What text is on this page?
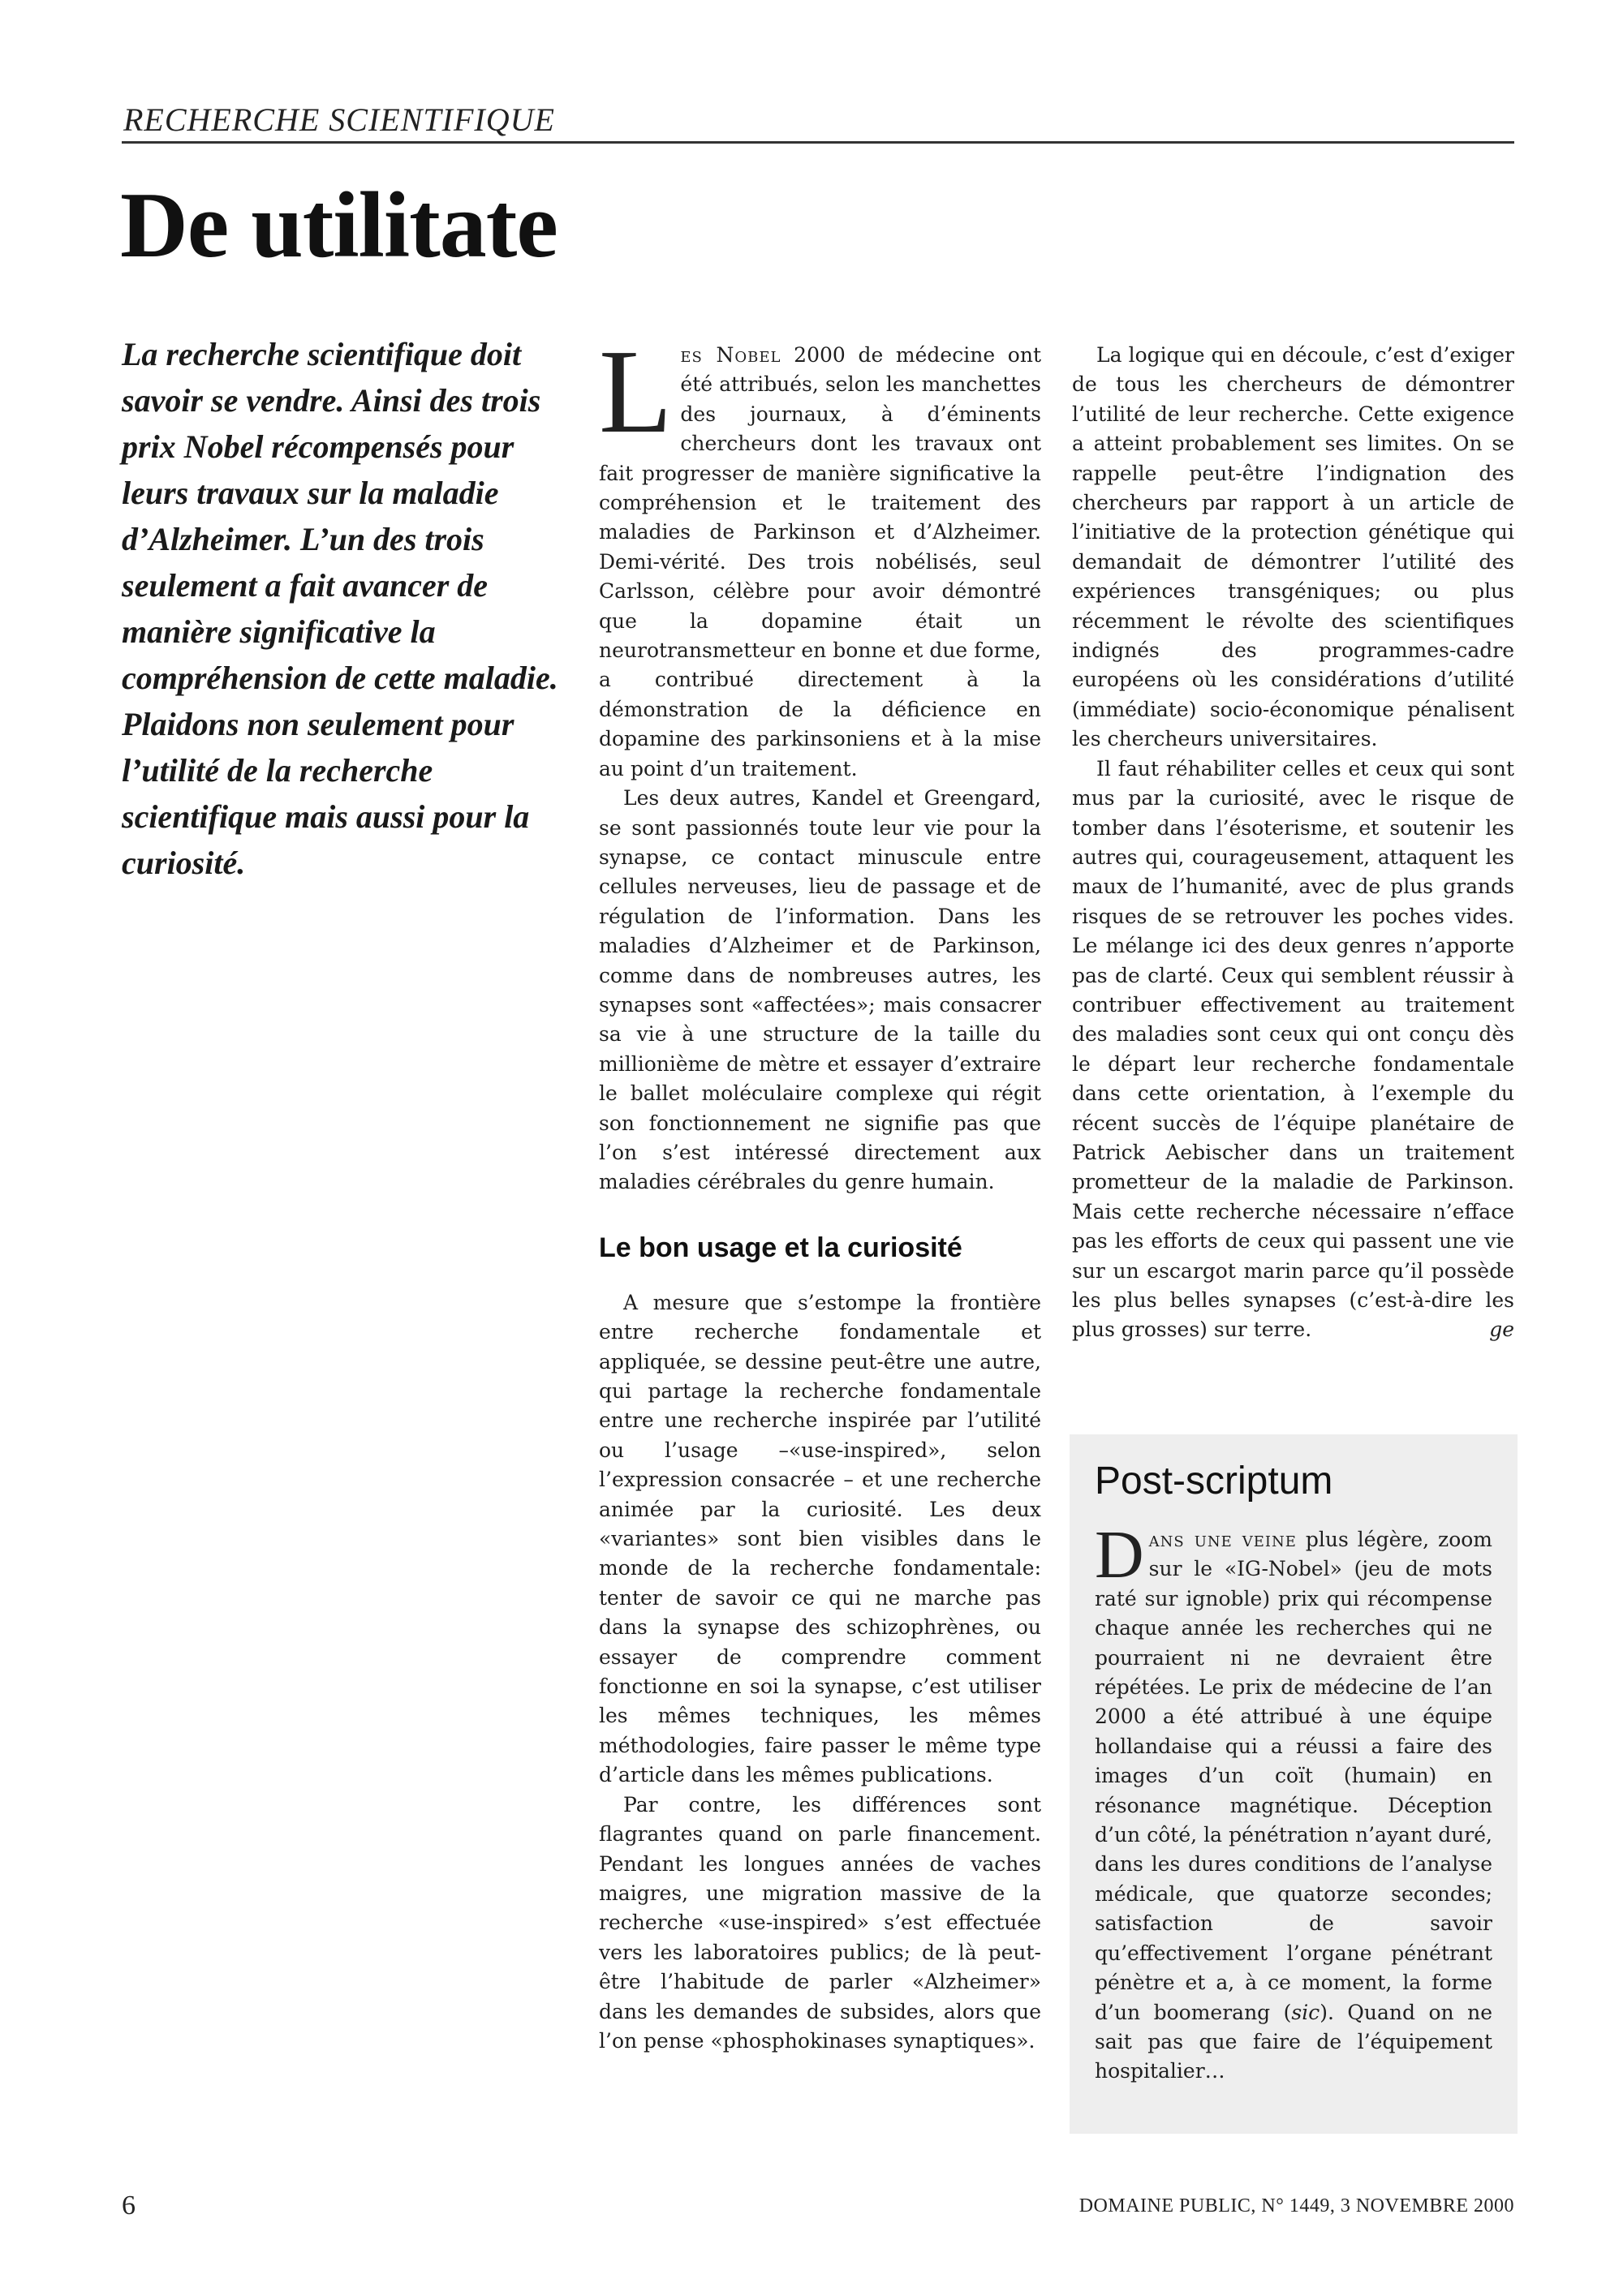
RECHERCHE SCIENTIFIQUE
De utilitate

La recherche scientifique doit savoir se vendre. Ainsi des trois prix Nobel récompensés pour leurs travaux sur la maladie d’Alzheimer. L’un des trois seulement a fait avancer de manière significative la compréhension de cette maladie.

Plaidons non seulement pour l’utilité de la recherche scientifique mais aussi pour la curiosité.

Les Nobel 2000 de médecine ont été attribués, selon les manchettes des journaux, à d’éminents chercheurs dont les travaux ont fait progresser de manière significative la compréhension et le traitement des maladies de Parkinson et d’Alzheimer. Demi-vérité. Des trois nobélisés, seul Carlsson, célèbre pour avoir démontré que la dopamine était un neurotransmetteur en bonne et due forme, a contribué directement à la démonstration de la déficience en dopamine des parkinsoniens et à la mise au point d’un traitement.

Les deux autres, Kandel et Greengard, se sont passionnés toute leur vie pour la synapse, ce contact minuscule entre cellules nerveuses, lieu de passage et de régulation de l’information. Dans les maladies d’Alzheimer et de Parkinson, comme dans de nombreuses autres, les synapses sont «affectées»; mais consacrer sa vie à une structure de la taille du millionième de mètre et essayer d’extraire le ballet moléculaire complexe qui régit son fonctionnement ne signifie pas que l’on s’est intéressé directement aux maladies cérébrales du genre humain.

Le bon usage et la curiosité

A mesure que s’estompe la frontière entre recherche fondamentale et appliquée, se dessine peut-être une autre, qui partage la recherche fondamentale entre une recherche inspirée par l’utilité ou l’usage –«use-inspired», selon l’expression consacrée – et une recherche animée par la curiosité. Les deux «variantes» sont bien visibles dans le monde de la recherche fondamentale: tenter de savoir ce qui ne marche pas dans la synapse des schizophrènes, ou essayer de comprendre comment fonctionne en soi la synapse, c’est utiliser les mêmes techniques, les mêmes méthodologies, faire passer le même type d’article dans les mêmes publications.

Par contre, les différences sont flagrantes quand on parle financement. Pendant les longues années de vaches maigres, une migration massive de la recherche «use-inspired» s’est effectuée vers les laboratoires publics; de là peut-être l’habitude de parler «Alzheimer» dans les demandes de subsides, alors que l’on pense «phosphokinases synaptiques».

La logique qui en découle, c’est d’exiger de tous les chercheurs de démontrer l’utilité de leur recherche. Cette exigence a atteint probablement ses limites. On se rappelle peut-être l’indignation des chercheurs par rapport à un article de l’initiative de la protection génétique qui demandait de démontrer l’utilité des expériences transgéniques; ou plus récemment le révolte des scientifiques indignés des programmes-cadre européens où les considérations d’utilité (immédiate) socio-économique pénalisent les chercheurs universitaires.

Il faut réhabiliter celles et ceux qui sont mus par la curiosité, avec le risque de tomber dans l’ésoterisme, et soutenir les autres qui, courageusement, attaquent les maux de l’humanité, avec de plus grands risques de se retrouver les poches vides. Le mélange ici des deux genres n’apporte pas de clarté. Ceux qui semblent réussir à contribuer effectivement au traitement des maladies sont ceux qui ont conçu dès le départ leur recherche fondamentale dans cette orientation, à l’exemple du récent succès de l’équipe planétaire de Patrick Aebischer dans un traitement prometteur de la maladie de Parkinson. Mais cette recherche nécessaire n’efface pas les efforts de ceux qui passent une vie sur un escargot marin parce qu’il possède les plus belles synapses (c’est-à-dire les plus grosses) sur terre.	ge

Post-scriptum

Dans une veine plus légère, zoom sur le «IG-Nobel» (jeu de mots raté sur ignoble) prix qui récompense chaque année les recherches qui ne pourraient ni ne devraient être répétées. Le prix de médecine de l’an 2000 a été attribué à une équipe hollandaise qui a réussi a faire des images d’un coït (humain) en résonance magnétique. Déception d’un côté, la pénétration n’ayant duré, dans les dures conditions de l’analyse médicale, que quatorze secondes; satisfaction de savoir qu’effectivement l’organe pénétrant pénètre et a, à ce moment, la forme d’un boomerang (sic). Quand on ne sait pas que faire de l’équipement hospitalier…

6	DOMAINE PUBLIC, N° 1449, 3 NOVEMBRE 2000
